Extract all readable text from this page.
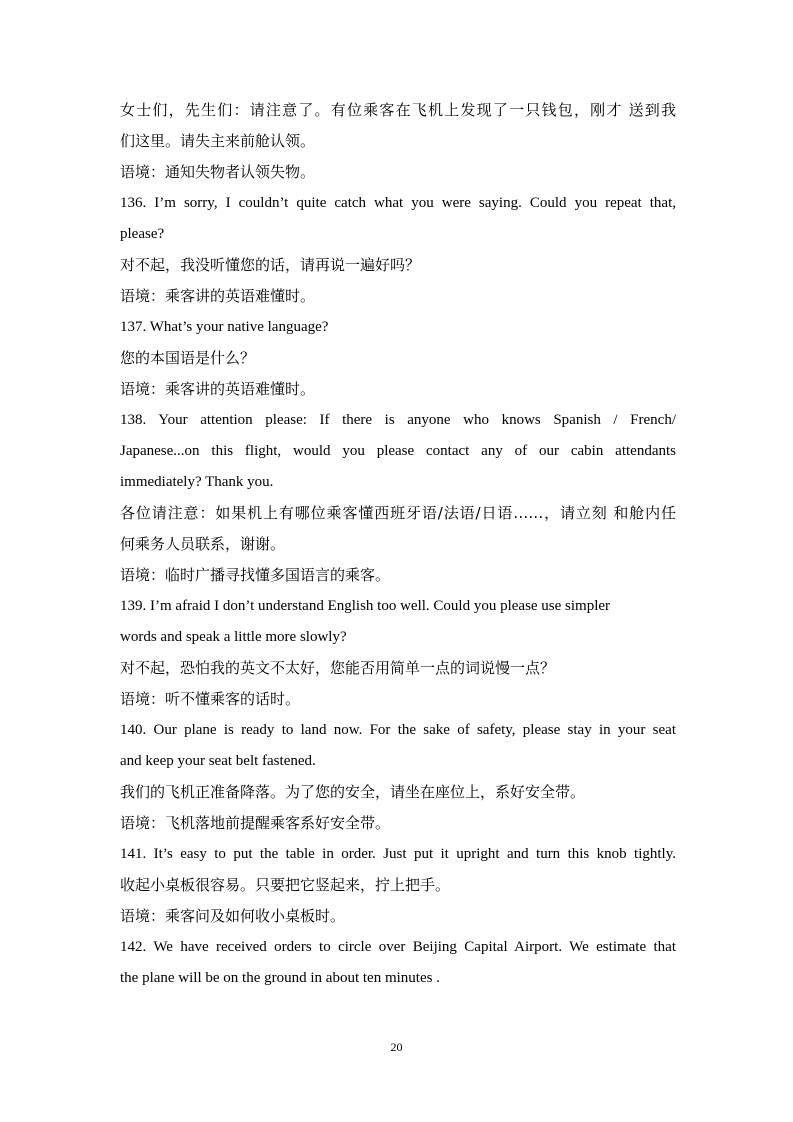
女士们，先生们：请注意了。有位乘客在飞机上发现了一只钱包，刚才 送到我
们这里。请失主来前舱认领。
语境：通知失物者认领失物。
136. I’m sorry, I couldn’t quite catch what you were saying. Could you repeat that,
please?
对不起，我没听懂您的话，请再说一遍好吗？
语境：乘客讲的英语难懂时。
137. What’s your native language?
您的本国语是什么？
语境：乘客讲的英语难懂时。
138. Your attention please: If there is anyone who knows Spanish / French/
Japanese...on this flight, would you please contact any of our cabin attendants
immediately? Thank you.
各位请注意：如果机上有哪位乘客懂西班牙语/法语/日语……，请立刻 和舱内任
何乘务人员联系，谢谢。
语境：临时广播寻找懂多国语言的乘客。
139. I’m afraid I don’t understand English too well. Could you please use simpler
words and speak a little more slowly?
对不起，恐怕我的英文不太好，您能否用简单一点的词说慢一点？
语境：听不懂乘客的话时。
140. Our plane is ready to land now. For the sake of safety, please stay in your seat
and keep your seat belt fastened.
我们的飞机正准备降落。为了您的安全，请坐在座位上，系好安全带。
语境：飞机落地前提醒乘客系好安全带。
141. It’s easy to put the table in order. Just put it upright and turn this knob tightly.
收起小桌板很容易。只要把它竖起来，拧上把手。
语境：乘客问及如何收小桌板时。
142. We have received orders to circle over Beijing Capital Airport. We estimate that
the plane will be on the ground in about ten minutes .
20
